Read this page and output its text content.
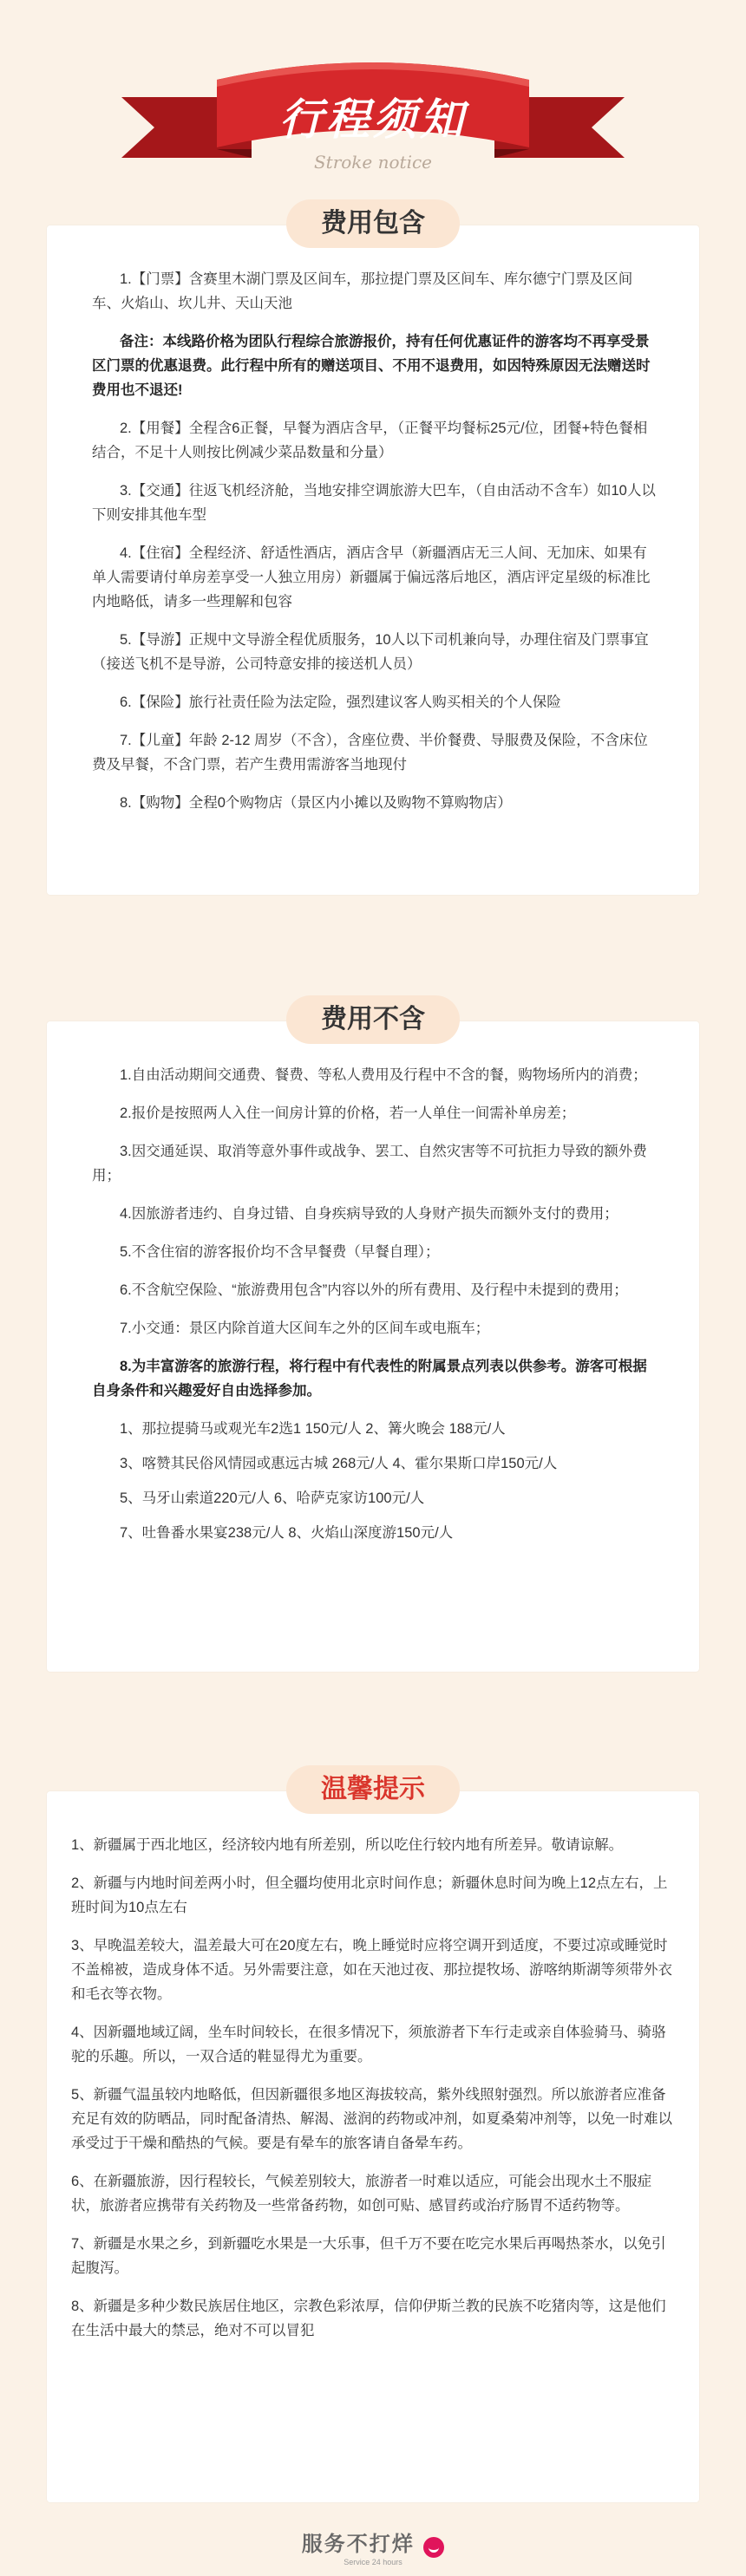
行程须知
Stroke notice
费用包含

1.【门票】含赛里木湖门票及区间车，那拉提门票及区间车、库尔德宁门票及区间车、火焰山、坎儿井、天山天池

备注：本线路价格为团队行程综合旅游报价，持有任何优惠证件的游客均不再享受景区门票的优惠退费。此行程中所有的赠送项目、不用不退费用，如因特殊原因无法赠送时费用也不退还!

2.【用餐】全程含6正餐，早餐为酒店含早，（正餐平均餐标25元/位，团餐+特色餐相结合，不足十人则按比例减少菜品数量和分量）

3.【交通】往返飞机经济舱，当地安排空调旅游大巴车，（自由活动不含车）如10人以下则安排其他车型

4.【住宿】全程经济、舒适性酒店，酒店含早（新疆酒店无三人间、无加床、如果有单人需要请付单房差享受一人独立用房）新疆属于偏远落后地区，酒店评定星级的标准比内地略低，请多一些理解和包容

5.【导游】正规中文导游全程优质服务，10人以下司机兼向导，办理住宿及门票事宜（接送飞机不是导游，公司特意安排的接送机人员）

6.【保险】旅行社责任险为法定险，强烈建议客人购买相关的个人保险

7.【儿童】年龄 2-12 周岁（不含），含座位费、半价餐费、导服费及保险，不含床位费及早餐，不含门票，若产生费用需游客当地现付

8.【购物】全程0个购物店（景区内小摊以及购物不算购物店）

费用不含

1.自由活动期间交通费、餐费、等私人费用及行程中不含的餐，购物场所内的消费；

2.报价是按照两人入住一间房计算的价格，若一人单住一间需补单房差；

3.因交通延误、取消等意外事件或战争、罢工、自然灾害等不可抗拒力导致的额外费用；

4.因旅游者违约、自身过错、自身疾病导致的人身财产损失而额外支付的费用；

5.不含住宿的游客报价均不含早餐费（早餐自理）；

6.不含航空保险、“旅游费用包含”内容以外的所有费用、及行程中未提到的费用；

7.小交通：景区内除首道大区间车之外的区间车或电瓶车；

8.为丰富游客的旅游行程，将行程中有代表性的附属景点列表以供参考。游客可根据自身条件和兴趣爱好自由选择参加。

1、那拉提骑马或观光车2选1 150元/人 2、篝火晚会 188元/人

3、喀赞其民俗风情园或惠远古城 268元/人 4、霍尔果斯口岸150元/人

5、马牙山索道220元/人 6、哈萨克家访100元/人

7、吐鲁番水果宴238元/人 8、火焰山深度游150元/人

温馨提示

1、新疆属于西北地区，经济较内地有所差别，所以吃住行较内地有所差异。敬请谅解。

2、新疆与内地时间差两小时，但全疆均使用北京时间作息；新疆休息时间为晚上12点左右，上班时间为10点左右

3、早晚温差较大，温差最大可在20度左右，晚上睡觉时应将空调开到适度，不要过凉或睡觉时不盖棉被，造成身体不适。另外需要注意，如在天池过夜、那拉提牧场、游喀纳斯湖等须带外衣和毛衣等衣物。

4、因新疆地域辽阔，坐车时间较长，在很多情况下，须旅游者下车行走或亲自体验骑马、骑骆驼的乐趣。所以，一双合适的鞋显得尤为重要。

5、新疆气温虽较内地略低，但因新疆很多地区海拔较高，紫外线照射强烈。所以旅游者应准备充足有效的防晒品，同时配备清热、解渴、滋润的药物或冲剂，如夏桑菊冲剂等，以免一时难以承受过于干燥和酷热的气候。要是有晕车的旅客请自备晕车药。

6、在新疆旅游，因行程较长，气候差别较大，旅游者一时难以适应，可能会出现水土不服症状，旅游者应携带有关药物及一些常备药物，如创可贴、感冒药或治疗肠胃不适药物等。

7、新疆是水果之乡，到新疆吃水果是一大乐事，但千万不要在吃完水果后再喝热茶水，以免引起腹泻。

8、新疆是多种少数民族居住地区，宗教色彩浓厚，信仰伊斯兰教的民族不吃猪肉等，这是他们在生活中最大的禁忌，绝对不可以冒犯

服务不打烊
Service 24 hours
